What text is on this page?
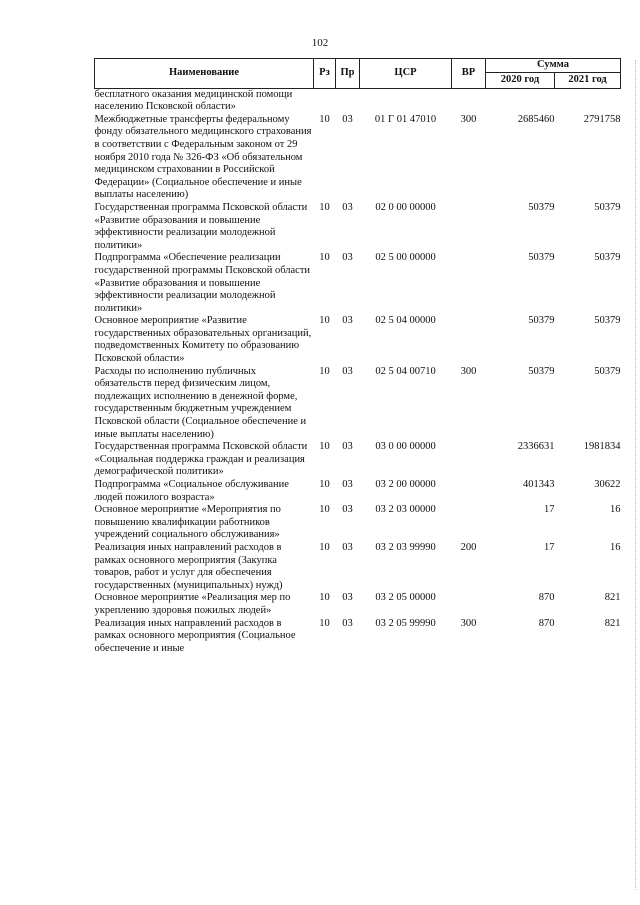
102
Наименование	Рз	Пр	ЦСР	ВР	Сумма	
					2020 год	2021 год
бесплатного оказания медицинской помощи населению Псковской области»						
Межбюджетные трансферты федеральному фонду обязательного медицинского страхования в соответствии с Федеральным законом от 29 ноября 2010 года № 326-ФЗ «Об обязательном медицинском страховании в Российской Федерации» (Социальное обеспечение и иные выплаты населению)	10	03	01 Г 01 47010	300	2685460	2791758
Государственная программа Псковской области «Развитие образования и повышение эффективности реализации молодежной политики»	10	03	02 0 00 00000		50379	50379
Подпрограмма «Обеспечение реализации государственной программы Псковской области «Развитие образования и повышение эффективности реализации молодежной политики»	10	03	02 5 00 00000		50379	50379
Основное мероприятие «Развитие государственных образовательных организаций, подведомственных Комитету по образованию Псковской области»	10	03	02 5 04 00000		50379	50379
Расходы по исполнению публичных обязательств перед физическим лицом, подлежащих исполнению в денежной форме, государственным бюджетным учреждением Псковской области (Социальное обеспечение и иные выплаты населению)	10	03	02 5 04 00710	300	50379	50379
Государственная программа Псковской области «Социальная поддержка граждан и реализация демографической политики»	10	03	03 0 00 00000		2336631	1981834
Подпрограмма «Социальное обслуживание людей пожилого возраста»	10	03	03 2 00 00000		401343	30622
Основное мероприятие «Мероприятия по повышению квалификации работников учреждений социального обслуживания»	10	03	03 2 03 00000		17	16
Реализация иных направлений расходов в рамках основного мероприятия (Закупка товаров, работ и услуг для обеспечения государственных (муниципальных) нужд)	10	03	03 2 03 99990	200	17	16
Основное мероприятие «Реализация мер по укреплению здоровья пожилых людей»	10	03	03 2 05 00000		870	821
Реализация иных направлений расходов в рамках основного мероприятия (Социальное обеспечение и иные	10	03	03 2 05 99990	300	870	821
